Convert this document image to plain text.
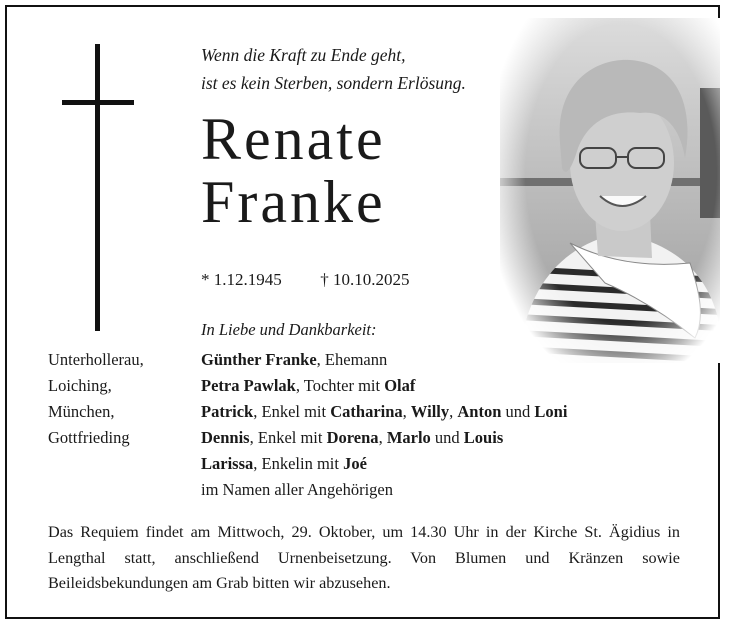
Wenn die Kraft zu Ende geht,
ist es kein Sterben, sondern Erlösung.
Renate
Franke
* 1.12.1945 † 10.10.2025
In Liebe und Dankbarkeit:
Unterhollerau,
Loiching,
München,
Gottfrieding
Günther Franke, Ehemann
Petra Pawlak, Tochter mit Olaf
Patrick, Enkel mit Catharina, Willy, Anton und Loni
Dennis, Enkel mit Dorena, Marlo und Louis
Larissa, Enkelin mit Joé
im Namen aller Angehörigen
Das Requiem findet am Mittwoch, 29. Oktober, um 14.30 Uhr in der Kirche St. Ägidius in Lengthal statt, anschließend Urnenbeisetzung. Von Blumen und Kränzen sowie Beileidsbekundungen am Grab bitten wir abzusehen.
